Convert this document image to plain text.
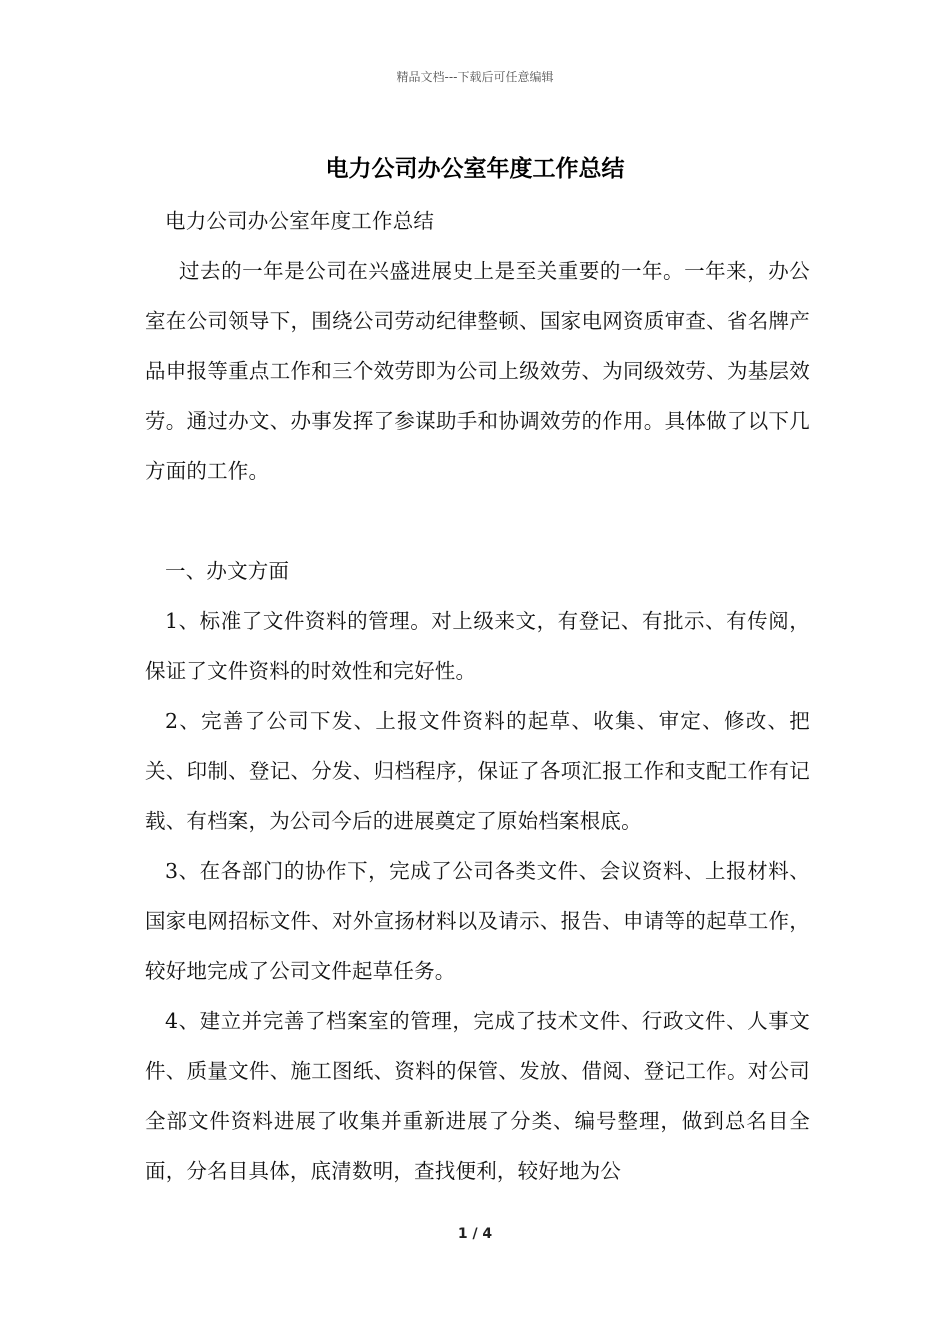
精品文档---下载后可任意编辑
电力公司办公室年度工作总结

电力公司办公室年度工作总结

过去的一年是公司在兴盛进展史上是至关重要的一年。一年来，办公室在公司领导下，围绕公司劳动纪律整顿、国家电网资质审查、省名牌产品申报等重点工作和三个效劳即为公司上级效劳、为同级效劳、为基层效劳。通过办文、办事发挥了参谋助手和协调效劳的作用。具体做了以下几方面的工作。

一、办文方面

1、标准了文件资料的管理。对上级来文，有登记、有批示、有传阅，保证了文件资料的时效性和完好性。

2、完善了公司下发、上报文件资料的起草、收集、审定、修改、把关、印制、登记、分发、归档程序，保证了各项汇报工作和支配工作有记载、有档案，为公司今后的进展奠定了原始档案根底。

3、在各部门的协作下，完成了公司各类文件、会议资料、上报材料、国家电网招标文件、对外宣扬材料以及请示、报告、申请等的起草工作，较好地完成了公司文件起草任务。

4、建立并完善了档案室的管理，完成了技术文件、行政文件、人事文件、质量文件、施工图纸、资料的保管、发放、借阅、登记工作。对公司全部文件资料进展了收集并重新进展了分类、编号整理，做到总名目全面，分名目具体，底清数明，查找便利，较好地为公

1 / 4
